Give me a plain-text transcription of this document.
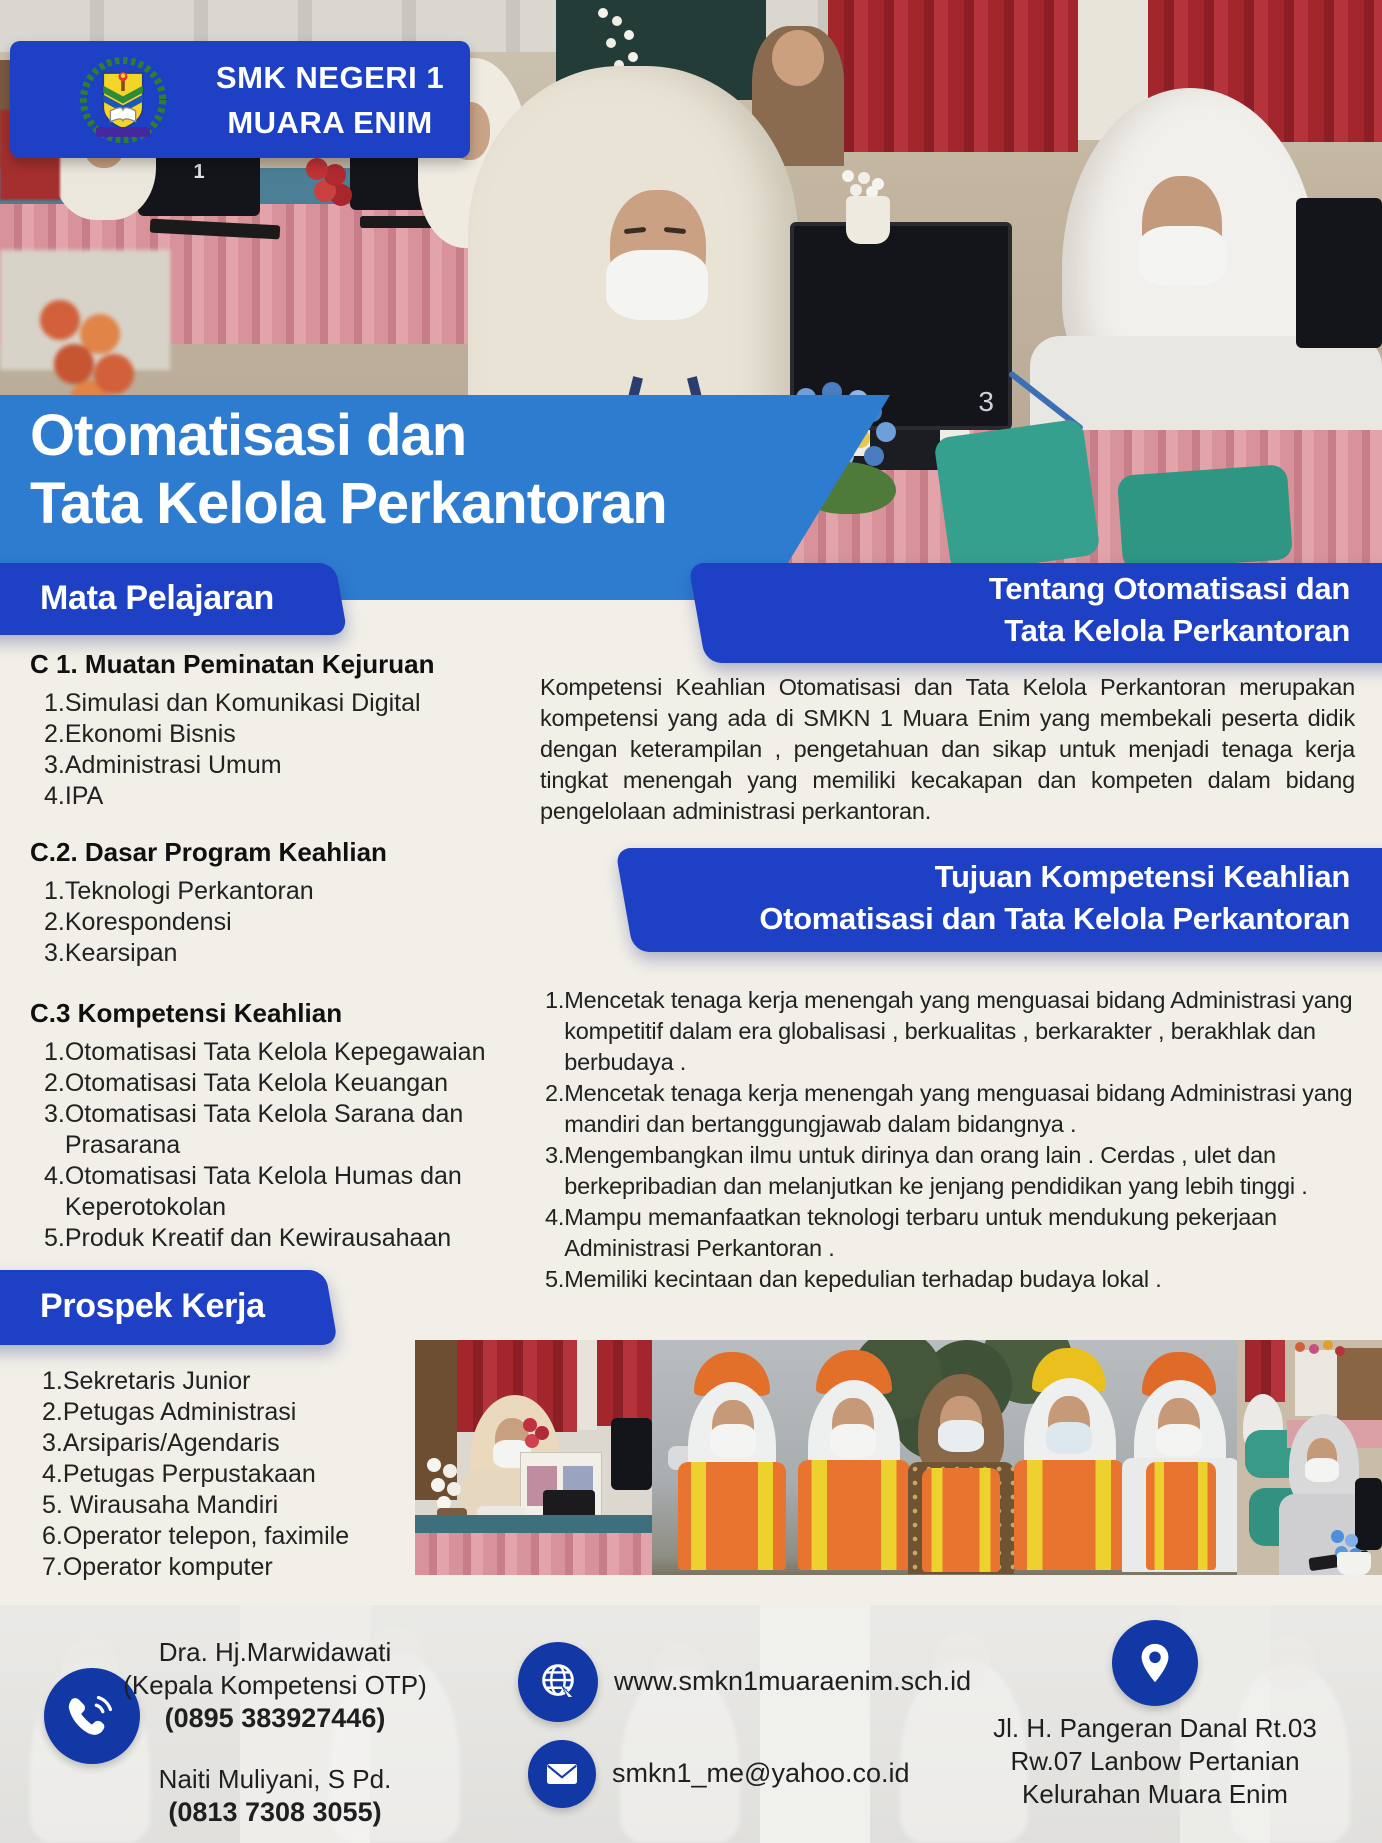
1
3
Otomatisasi dan
Tata Kelola Perkantoran
SMK NEGERI 1
MUARA ENIM
Mata Pelajaran
C 1. Muatan Peminatan Kejuruan
1. Simulasi dan Komunikasi Digital
2. Ekonomi Bisnis
3. Administrasi Umum
4. IPA
C.2. Dasar Program Keahlian
1. Teknologi Perkantoran
2. Korespondensi
3. Kearsipan
C.3 Kompetensi Keahlian
1. Otomatisasi Tata Kelola Kepegawaian
2. Otomatisasi Tata Kelola Keuangan
3. Otomatisasi Tata Kelola Sarana dan Prasarana
4. Otomatisasi Tata Kelola Humas dan Keperotokolan
5. Produk Kreatif dan Kewirausahaan
Prospek Kerja
1. Sekretaris Junior
2. Petugas Administrasi
3. Arsiparis/Agendaris
4. Petugas Perpustakaan
5. Wirausaha Mandiri
6. Operator telepon, faximile
7. Operator komputer
Tentang Otomatisasi dan
Tata Kelola Perkantoran
Kompetensi Keahlian Otomatisasi dan Tata Kelola Perkantoran merupakan kompetensi yang ada di SMKN 1 Muara Enim yang membekali peserta didik dengan keterampilan , pengetahuan dan sikap untuk menjadi tenaga kerja tingkat menengah yang memiliki kecakapan dan kompeten dalam bidang pengelolaan administrasi perkantoran.
Tujuan Kompetensi Keahlian
Otomatisasi dan Tata Kelola Perkantoran
1. Mencetak tenaga kerja menengah yang menguasai bidang Administrasi yang kompetitif dalam era globalisasi , berkualitas , berkarakter , berakhlak dan berbudaya .
2. Mencetak tenaga kerja menengah yang menguasai bidang Administrasi yang mandiri dan bertanggungjawab dalam bidangnya .
3. Mengembangkan ilmu untuk dirinya dan orang lain . Cerdas , ulet dan berkepribadian dan melanjutkan ke jenjang pendidikan yang lebih tinggi .
4. Mampu memanfaatkan teknologi terbaru untuk mendukung pekerjaan Administrasi Perkantoran .
5. Memiliki kecintaan dan kepedulian terhadap budaya lokal .
Dra. Hj.Marwidawati
(Kepala Kompetensi OTP)
(0895 383927446)
Naiti Muliyani, S Pd.
(0813 7308 3055)
www.smkn1muaraenim.sch.id
smkn1_me@yahoo.co.id
Jl. H. Pangeran Danal Rt.03
Rw.07 Lanbow Pertanian
Kelurahan Muara Enim
